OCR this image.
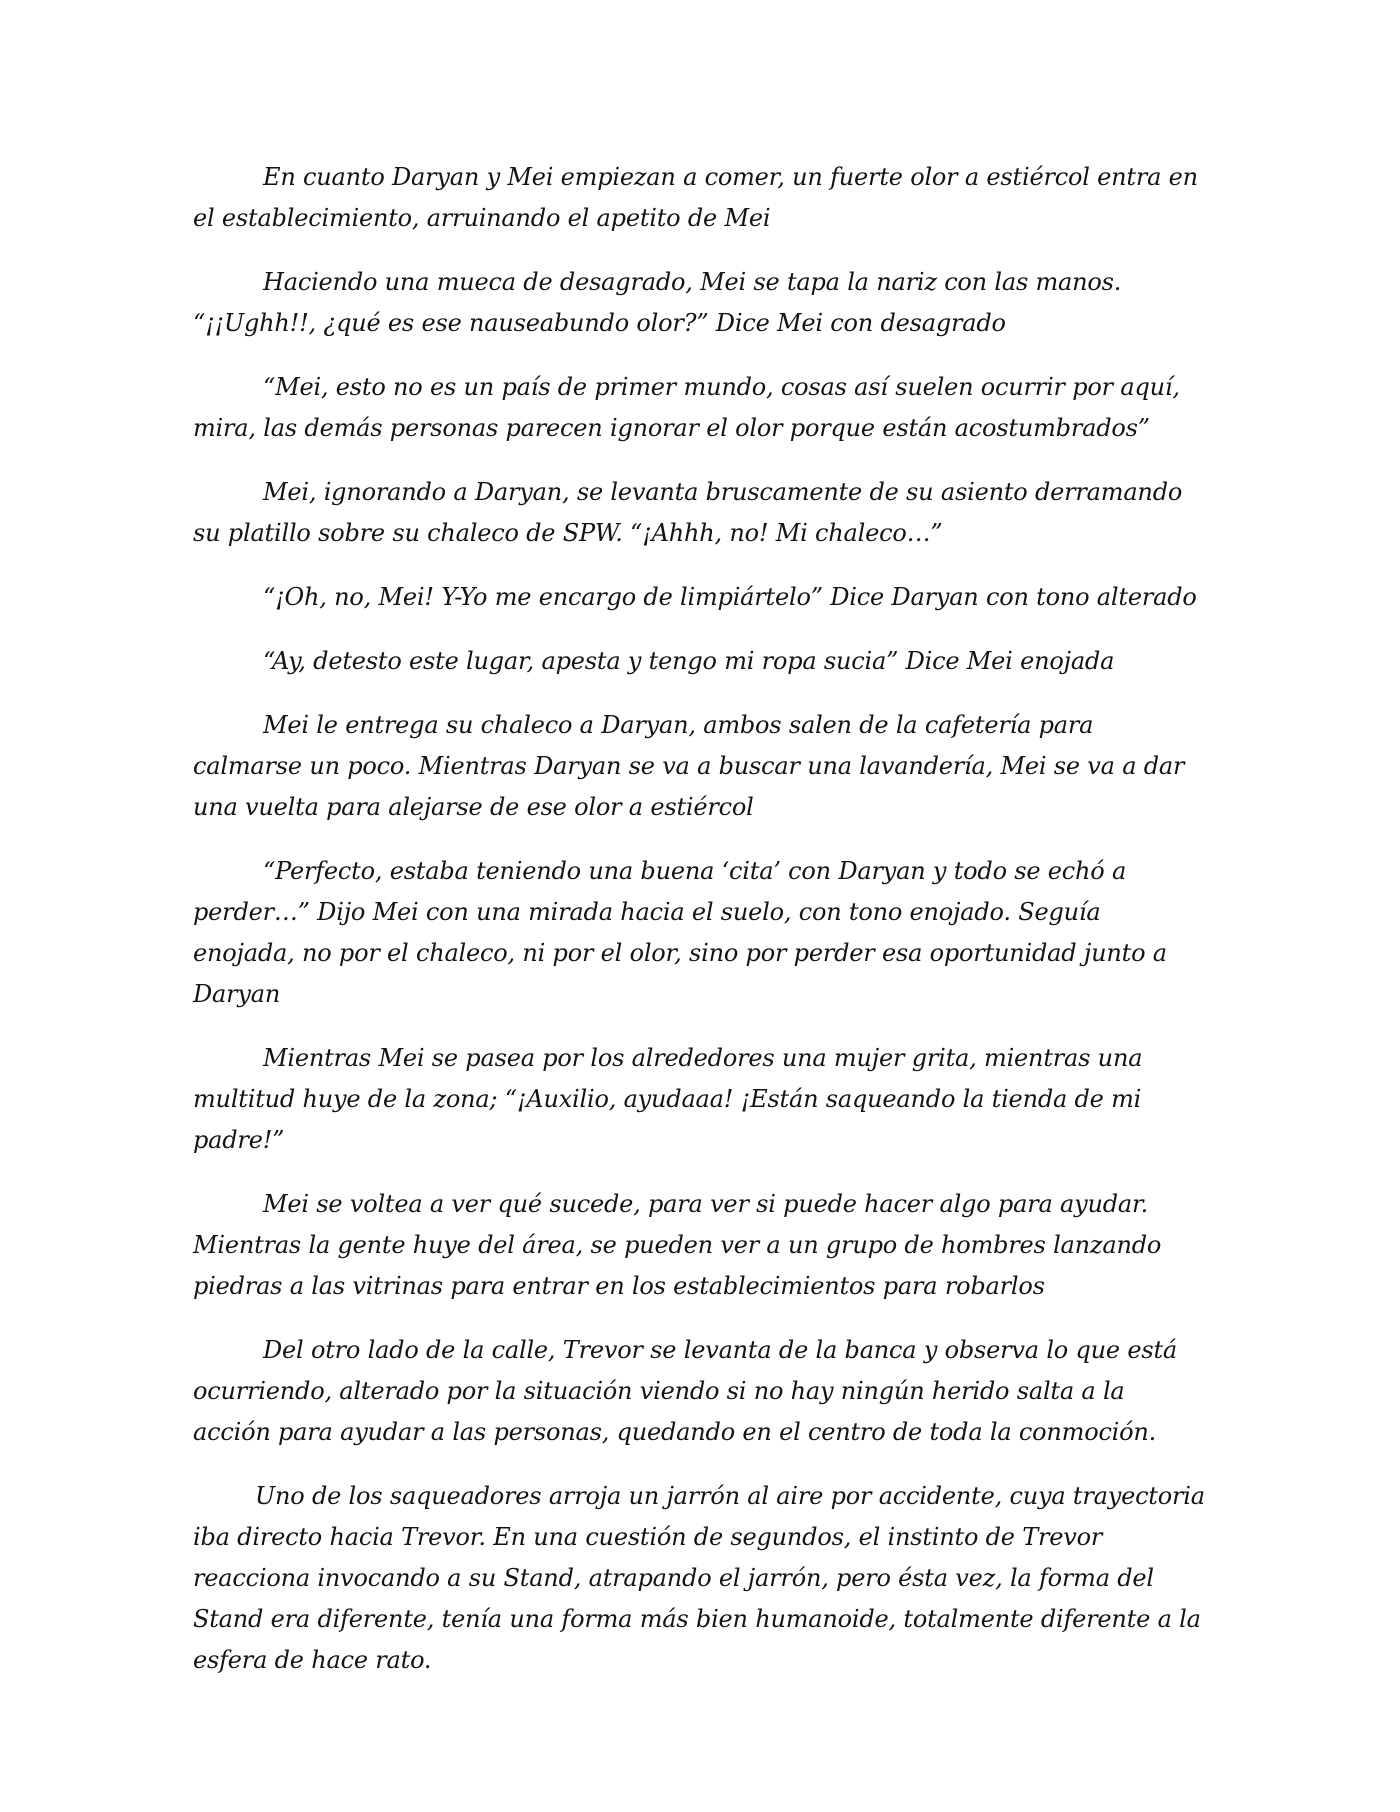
En cuanto Daryan y Mei empiezan a comer, un fuerte olor a estiércol entra en el establecimiento, arruinando el apetito de Mei

Haciendo una mueca de desagrado, Mei se tapa la nariz con las manos. “¡¡Ughh!!, ¿qué es ese nauseabundo olor?” Dice Mei con desagrado

“Mei, esto no es un país de primer mundo, cosas así suelen ocurrir por aquí, mira, las demás personas parecen ignorar el olor porque están acostumbrados”

Mei, ignorando a Daryan, se levanta bruscamente de su asiento derramando su platillo sobre su chaleco de SPW. “¡Ahhh, no! Mi chaleco…”

“¡Oh, no, Mei! Y-Yo me encargo de limpiártelo” Dice Daryan con tono alterado

“Ay, detesto este lugar, apesta y tengo mi ropa sucia” Dice Mei enojada

Mei le entrega su chaleco a Daryan, ambos salen de la cafetería para calmarse un poco. Mientras Daryan se va a buscar una lavandería, Mei se va a dar una vuelta para alejarse de ese olor a estiércol

“Perfecto, estaba teniendo una buena ‘cita’ con Daryan y todo se echó a perder…” Dijo Mei con una mirada hacia el suelo, con tono enojado. Seguía enojada, no por el chaleco, ni por el olor, sino por perder esa oportunidad junto a Daryan

Mientras Mei se pasea por los alrededores una mujer grita, mientras una multitud huye de la zona; “¡Auxilio, ayudaaa! ¡Están saqueando la tienda de mi padre!”

Mei se voltea a ver qué sucede, para ver si puede hacer algo para ayudar. Mientras la gente huye del área, se pueden ver a un grupo de hombres lanzando piedras a las vitrinas para entrar en los establecimientos para robarlos

Del otro lado de la calle, Trevor se levanta de la banca y observa lo que está ocurriendo, alterado por la situación viendo si no hay ningún herido salta a la acción para ayudar a las personas, quedando en el centro de toda la conmoción.

Uno de los saqueadores arroja un jarrón al aire por accidente, cuya trayectoria iba directo hacia Trevor. En una cuestión de segundos, el instinto de Trevor reacciona invocando a su Stand, atrapando el jarrón, pero ésta vez, la forma del Stand era diferente, tenía una forma más bien humanoide, totalmente diferente a la esfera de hace rato.
